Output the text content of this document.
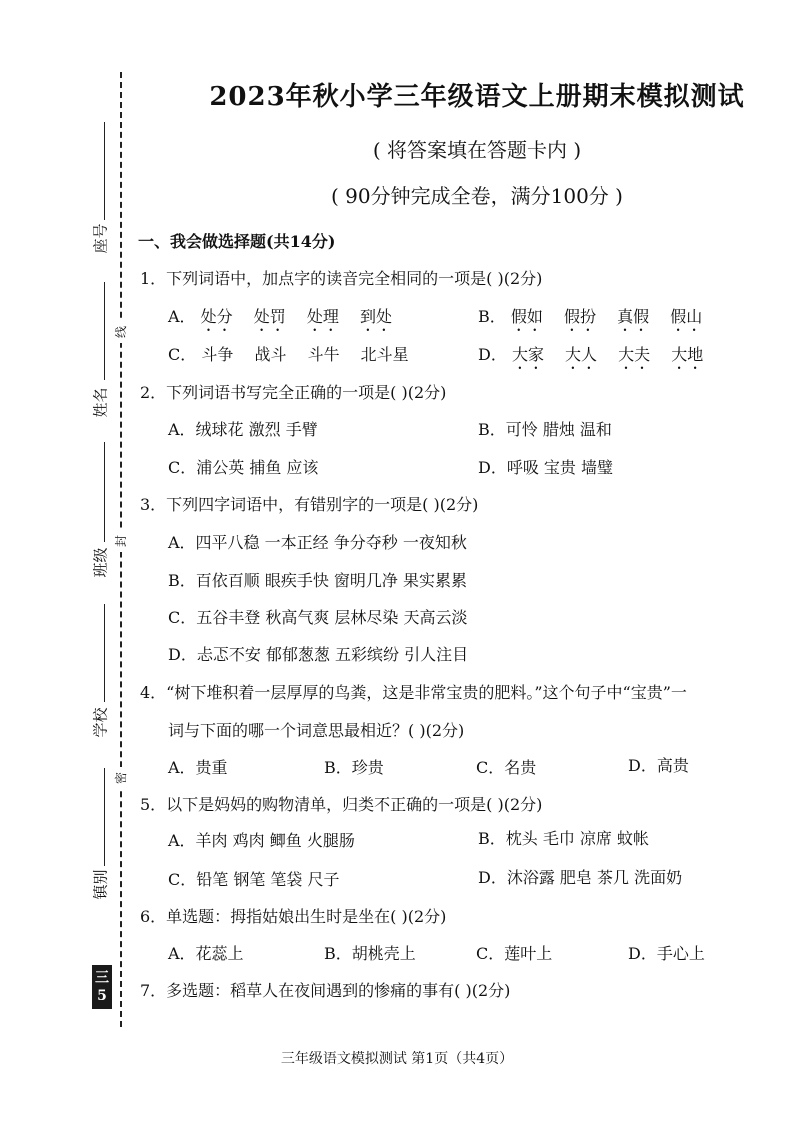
线
封
密
座号
姓名
班级
学校
镇别
三
5
2023年秋小学三年级语文上册期末模拟测试
( 将答案填在答题卡内 )
( 90分钟完成全卷，满分100分 )
一、我会做选择题(共14分)
1．下列词语中，加点字的读音完全相同的一项是( )(2分)
A． 处分 处罚 处理 到处	B． 假如 假扮 真假 假山
C． 斗争 战斗 斗牛 北斗星	D． 大家 大人 大夫 大地
2．下列词语书写完全正确的一项是( )(2分)
A．绒球花 激烈 手臂	B．可怜 腊烛 温和
C．浦公英 捕鱼 应该	D．呼吸 宝贵 墙璧
3．下列四字词语中，有错别字的一项是( )(2分)
A．四平八稳 一本正经 争分夺秒 一夜知秋
B．百依百顺 眼疾手快 窗明几净 果实累累
C．五谷丰登 秋高气爽 层林尽染 天高云淡
D．忐忑不安 郁郁葱葱 五彩缤纷 引人注目
4．“树下堆积着一层厚厚的鸟粪，这是非常宝贵的肥料。”这个句子中“宝贵”一
词与下面的哪一个词意思最相近？( )(2分)
A．贵重	B．珍贵	C．名贵	D．高贵
5．以下是妈妈的购物清单，归类不正确的一项是( )(2分)
A．羊肉 鸡肉 鲫鱼 火腿肠	B．枕头 毛巾 凉席 蚊帐
C．铅笔 钢笔 笔袋 尺子	D．沐浴露 肥皂 茶几 洗面奶
6．单选题：拇指姑娘出生时是坐在( )(2分)
A．花蕊上	B．胡桃壳上	C．莲叶上	D．手心上
7．多选题：稻草人在夜间遇到的惨痛的事有( )(2分)
三年级语文模拟测试 第1页（共4页）
